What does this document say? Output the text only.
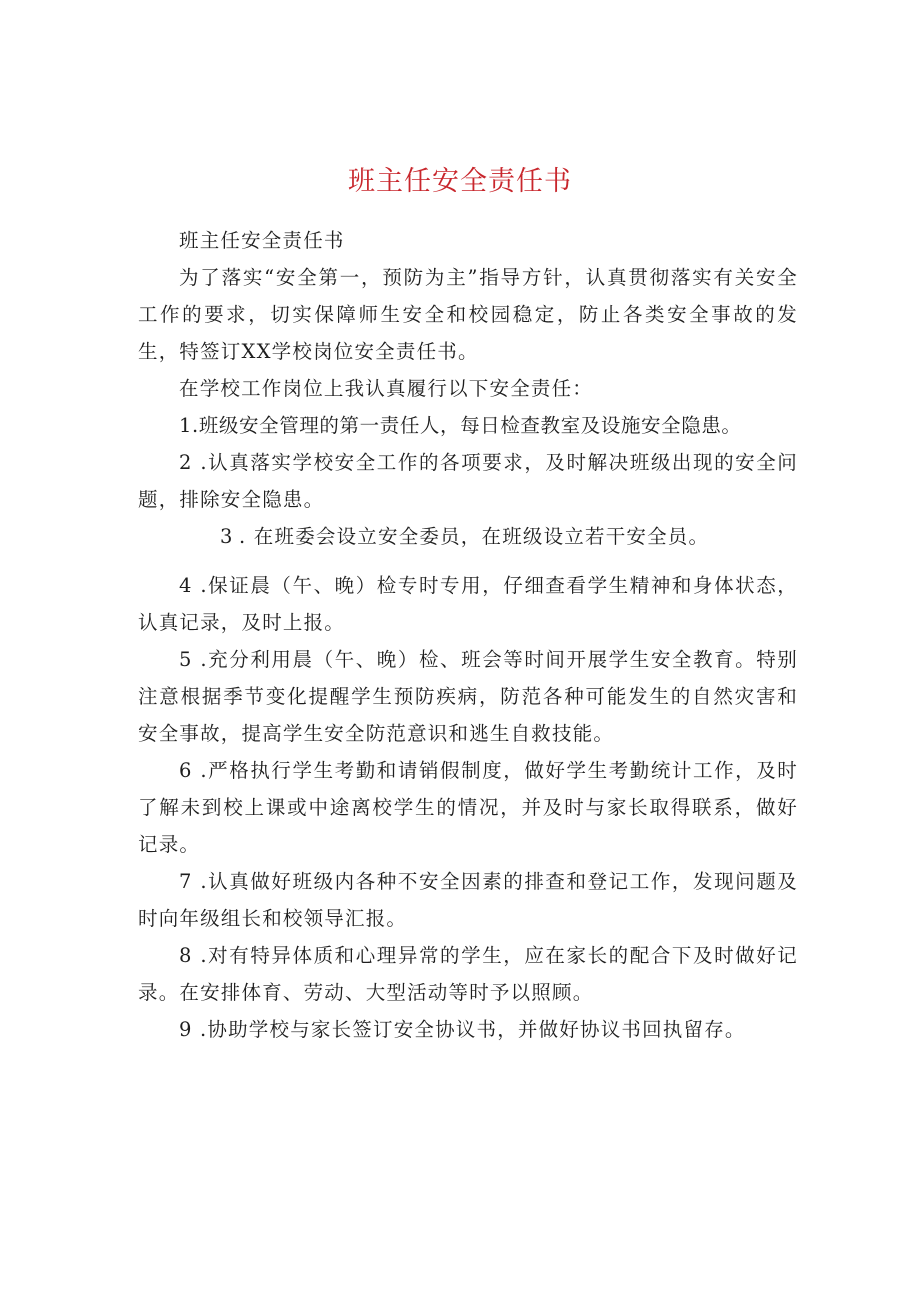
班主任安全责任书

班主任安全责任书

为了落实“安全第一，预防为主”指导方针，认真贯彻落实有关安全工作的要求，切实保障师生安全和校园稳定，防止各类安全事故的发生，特签订XX学校岗位安全责任书。

在学校工作岗位上我认真履行以下安全责任：

1.班级安全管理的第一责任人，每日检查教室及设施安全隐患。

2 .认真落实学校安全工作的各项要求，及时解决班级出现的安全问题，排除安全隐患。

3 . 在班委会设立安全委员，在班级设立若干安全员。

4 .保证晨（午、晚）检专时专用，仔细查看学生精神和身体状态，认真记录，及时上报。

5 .充分利用晨（午、晚）检、班会等时间开展学生安全教育。特别注意根据季节变化提醒学生预防疾病，防范各种可能发生的自然灾害和安全事故，提高学生安全防范意识和逃生自救技能。

6 .严格执行学生考勤和请销假制度，做好学生考勤统计工作，及时了解未到校上课或中途离校学生的情况，并及时与家长取得联系，做好记录。

7 .认真做好班级内各种不安全因素的排查和登记工作，发现问题及时向年级组长和校领导汇报。

8 .对有特异体质和心理异常的学生，应在家长的配合下及时做好记录。在安排体育、劳动、大型活动等时予以照顾。

9 .协助学校与家长签订安全协议书，并做好协议书回执留存。
